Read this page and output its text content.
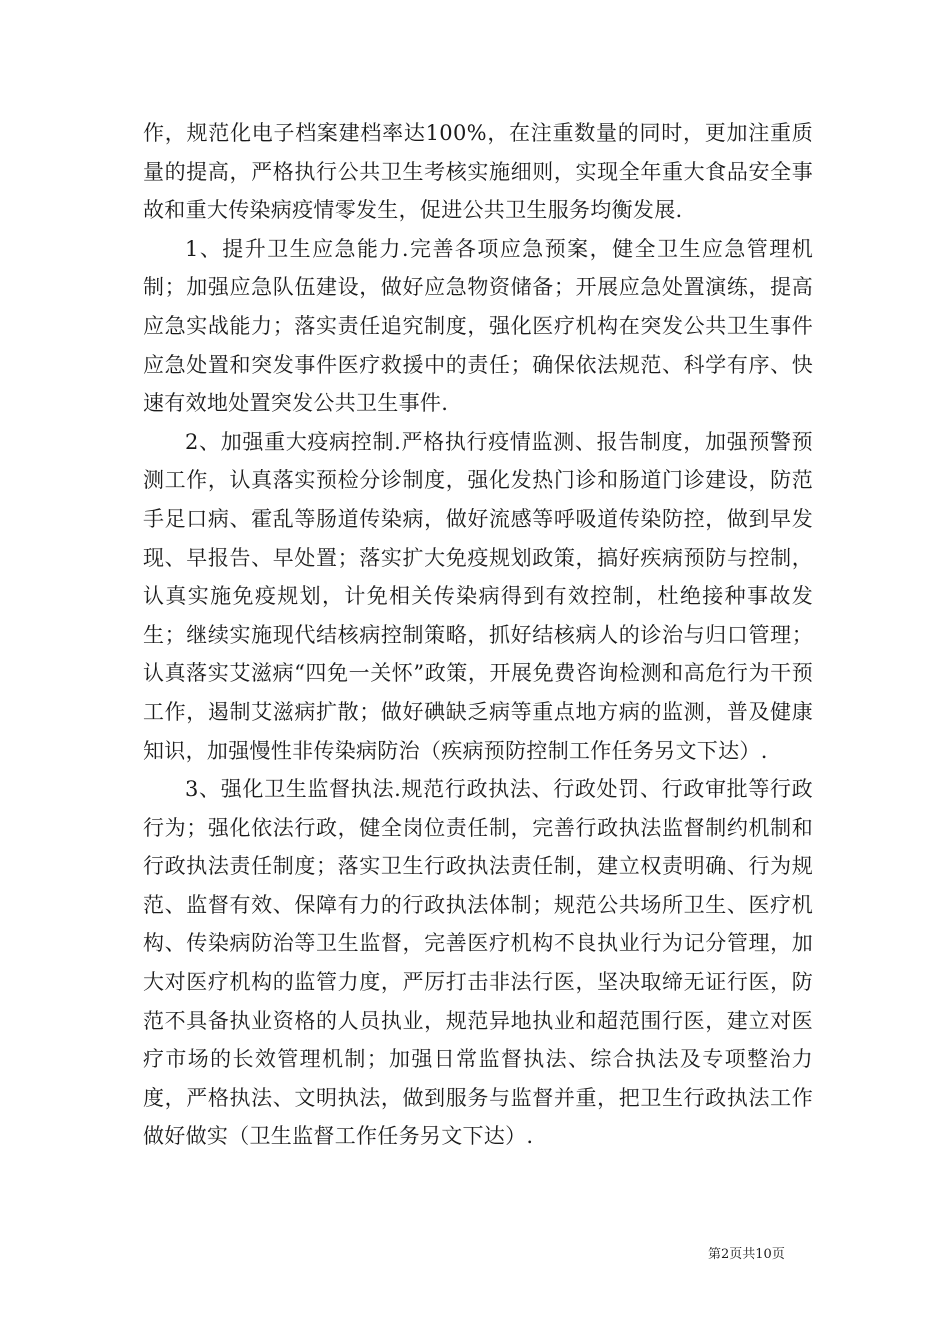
作，规范化电子档案建档率达100%，在注重数量的同时，更加注重质量的提高，严格执行公共卫生考核实施细则，实现全年重大食品安全事故和重大传染病疫情零发生，促进公共卫生服务均衡发展.

1、提升卫生应急能力.完善各项应急预案，健全卫生应急管理机制；加强应急队伍建设，做好应急物资储备；开展应急处置演练，提高应急实战能力；落实责任追究制度，强化医疗机构在突发公共卫生事件应急处置和突发事件医疗救援中的责任；确保依法规范、科学有序、快速有效地处置突发公共卫生事件.

2、加强重大疫病控制.严格执行疫情监测、报告制度，加强预警预测工作，认真落实预检分诊制度，强化发热门诊和肠道门诊建设，防范手足口病、霍乱等肠道传染病，做好流感等呼吸道传染防控，做到早发现、早报告、早处置；落实扩大免疫规划政策，搞好疾病预防与控制，认真实施免疫规划，计免相关传染病得到有效控制，杜绝接种事故发生；继续实施现代结核病控制策略，抓好结核病人的诊治与归口管理；认真落实艾滋病“四免一关怀”政策，开展免费咨询检测和高危行为干预工作，遏制艾滋病扩散；做好碘缺乏病等重点地方病的监测，普及健康知识，加强慢性非传染病防治（疾病预防控制工作任务另文下达）.

3、强化卫生监督执法.规范行政执法、行政处罚、行政审批等行政行为；强化依法行政，健全岗位责任制，完善行政执法监督制约机制和行政执法责任制度；落实卫生行政执法责任制，建立权责明确、行为规范、监督有效、保障有力的行政执法体制；规范公共场所卫生、医疗机构、传染病防治等卫生监督，完善医疗机构不良执业行为记分管理，加大对医疗机构的监管力度，严厉打击非法行医，坚决取缔无证行医，防范不具备执业资格的人员执业，规范异地执业和超范围行医，建立对医疗市场的长效管理机制；加强日常监督执法、综合执法及专项整治力度，严格执法、文明执法，做到服务与监督并重，把卫生行政执法工作做好做实（卫生监督工作任务另文下达）.

第2页共10页
